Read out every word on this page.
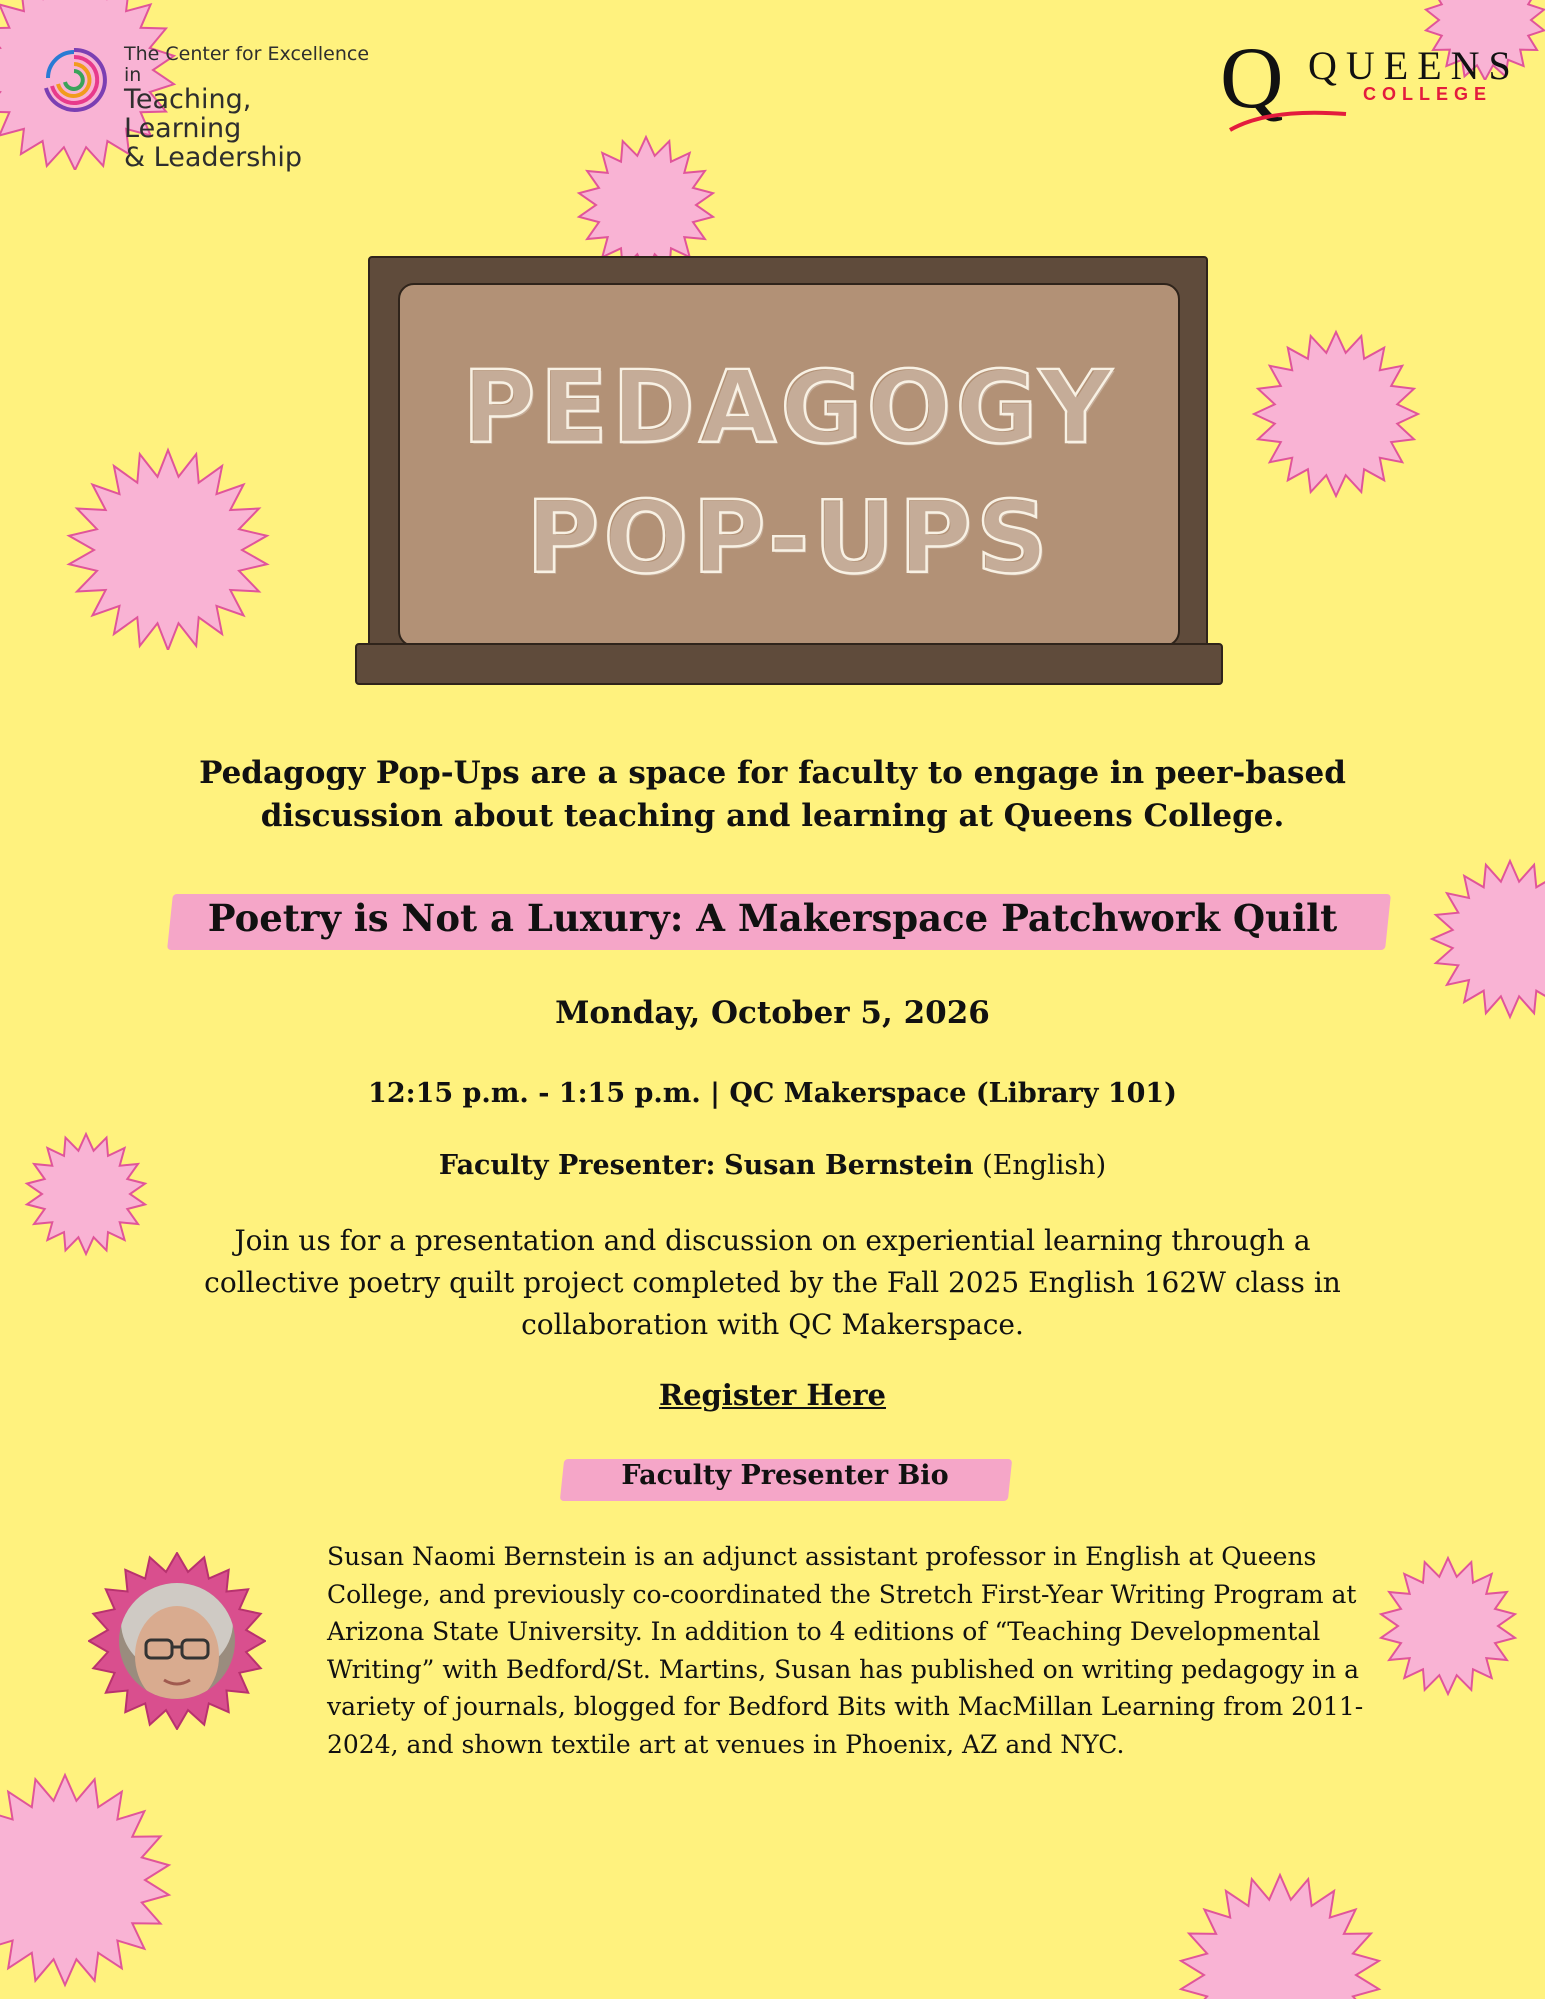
The Center for Excellence in
Teaching, Learning
& Leadership
Q QUEENS
COLLEGE
PEDAGOGY
POP-UPS
Pedagogy Pop-Ups are a space for faculty to engage in peer-based discussion about teaching and learning at Queens College.
Poetry is Not a Luxury: A Makerspace Patchwork Quilt
Monday, October 5, 2026
12:15 p.m. - 1:15 p.m. | QC Makerspace (Library 101)
Faculty Presenter: Susan Bernstein (English)
Join us for a presentation and discussion on experiential learning through a collective poetry quilt project completed by the Fall 2025 English 162W class in collaboration with QC Makerspace.
Register Here
Faculty Presenter Bio
Susan Naomi Bernstein is an adjunct assistant professor in English at Queens College, and previously co-coordinated the Stretch First-Year Writing Program at Arizona State University. In addition to 4 editions of “Teaching Developmental Writing” with Bedford/St. Martins, Susan has published on writing pedagogy in a variety of journals, blogged for Bedford Bits with MacMillan Learning from 2011-2024, and shown textile art at venues in Phoenix, AZ and NYC.
